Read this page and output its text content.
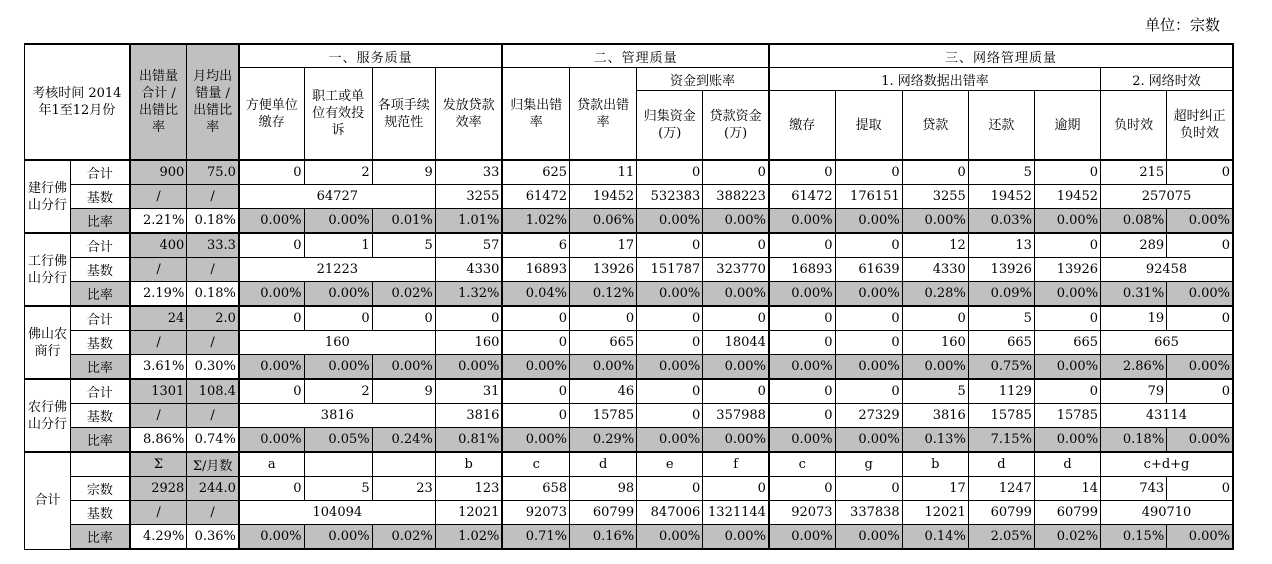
单位：宗数
考核时间 2014年1至12月份		出错量合计 / 出错比率	月均出错量 / 出错比率	一、服务质量				二、管理质量				三、网络管理质量						
				方便单位缴存	职工或单位有效投诉	各项手续规范性	发放贷款效率	归集出错率	贷款出错率	资金到账率		1. 网络数据出错率					2. 网络时效	
										归集资金(万)	贷款资金(万)	缴存	提取	贷款	还款	逾期	负时效	超时纠正负时效
建行佛山分行	合计	900	75.0	0	2	9	33	625	11	0	0	0	0	0	5	0	215	0
	基数	/	/	64727			3255	61472	19452	532383	388223	61472	176151	3255	19452	19452	257075	
	比率	2.21%	0.18%	0.00%	0.00%	0.01%	1.01%	1.02%	0.06%	0.00%	0.00%	0.00%	0.00%	0.00%	0.03%	0.00%	0.08%	0.00%
工行佛山分行	合计	400	33.3	0	1	5	57	6	17	0	0	0	0	12	13	0	289	0
	基数	/	/	21223			4330	16893	13926	151787	323770	16893	61639	4330	13926	13926	92458	
	比率	2.19%	0.18%	0.00%	0.00%	0.02%	1.32%	0.04%	0.12%	0.00%	0.00%	0.00%	0.00%	0.28%	0.09%	0.00%	0.31%	0.00%
佛山农商行	合计	24	2.0	0	0	0	0	0	0	0	0	0	0	0	5	0	19	0
	基数	/	/	160			160	0	665	0	18044	0	0	160	665	665	665	
	比率	3.61%	0.30%	0.00%	0.00%	0.00%	0.00%	0.00%	0.00%	0.00%	0.00%	0.00%	0.00%	0.00%	0.75%	0.00%	2.86%	0.00%
农行佛山分行	合计	1301	108.4	0	2	9	31	0	46	0	0	0	0	5	1129	0	79	0
	基数	/	/	3816			3816	0	15785	0	357988	0	27329	3816	15785	15785	43114	
	比率	8.86%	0.74%	0.00%	0.05%	0.24%	0.81%	0.00%	0.29%	0.00%	0.00%	0.00%	0.00%	0.13%	7.15%	0.00%	0.18%	0.00%
合计		Σ	Σ/月数	a			b	c	d	e	f	c	g	b	d	d	c+d+g	
	宗数	2928	244.0	0	5	23	123	658	98	0	0	0	0	17	1247	14	743	0
	基数	/	/	104094			12021	92073	60799	847006	1321144	92073	337838	12021	60799	60799	490710	
	比率	4.29%	0.36%	0.00%	0.00%	0.02%	1.02%	0.71%	0.16%	0.00%	0.00%	0.00%	0.00%	0.14%	2.05%	0.02%	0.15%	0.00%
